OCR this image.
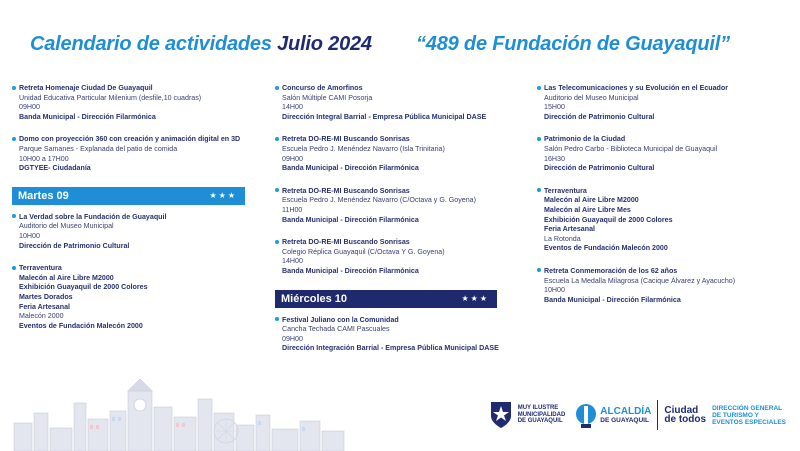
Calendario de actividades Julio 2024 “489 de Fundación de Guayaquil”
Retreta Homenaje Ciudad De Guayaquil
Unidad Educativa Particular Milenium (desfile,10 cuadras)
09H00
Banda Municipal - Dirección Filarmónica
Domo con proyección 360 con creación y animación digital en 3D
Parque Samanes - Explanada del patio de comida
10H00 a 17H00
DGTYEE- Ciudadanía
Martes 09	★★★
La Verdad sobre la Fundación de Guayaquil
Auditorio del Museo Municipal
10H00
Dirección de Patrimonio Cultural
Terraventura
Malecón al Aire Libre M2000
Exhibición Guayaquil de 2000 Colores
Martes Dorados
Feria Artesanal
Malecón 2000
Eventos de Fundación Malecón 2000
Concurso de Amorfinos
Salón Múltiple CAMI Posorja
14H00
Dirección Integral Barrial - Empresa Pública Municipal DASE
Retreta DO-RE-MI Buscando Sonrisas
Escuela Pedro J. Menéndez Navarro (Isla Trinitaria)
09H00
Banda Municipal - Dirección Filarmónica
Retreta DO-RE-MI Buscando Sonrisas
Escuela Pedro J. Menéndez Navarro (C/Octava y G. Goyena)
11H00
Banda Municipal - Dirección Filarmónica
Retreta DO-RE-MI Buscando Sonrisas
Colegio Réplica Guayaquil (C/Octava Y G. Goyena)
14H00
Banda Municipal - Dirección Filarmónica
Miércoles 10	★★★
Festival Juliano con la Comunidad
Cancha Techada CAMI Pascuales
09H00
Dirección Integración Barrial - Empresa Pública Municipal DASE
Las Telecomunicaciones y su Evolución en el Ecuador
Auditorio del Museo Municipal
15H00
Dirección de Patrimonio Cultural
Patrimonio de la Ciudad
Salón Pedro Carbo - Biblioteca Municipal de Guayaquil
16H30
Dirección de Patrimonio Cultural
Terraventura
Malecón al Aire Libre M2000
Malecón al Aire Libre Mes
Exhibición Guayaquil de 2000 Colores
Feria Artesanal
La Rotonda
Eventos de Fundación Malecón 2000
Retreta Conmemoración de los 62 años
Escuela La Medalla Milagrosa (Cacique Álvarez y Ayacucho)
10H00
Banda Municipal - Dirección Filarmónica
MUY ILUSTRE
MUNICIPALIDAD
DE GUAYAQUIL
ALCALDÍA
DE GUAYAQUIL
Ciudad
de todos
DIRECCIÓN GENERAL
DE TURISMO Y
EVENTOS ESPECIALES
